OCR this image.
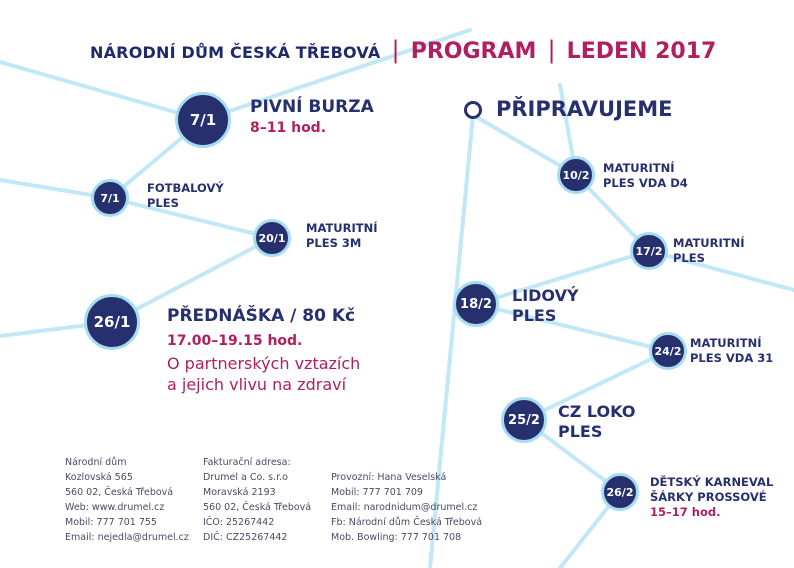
NÁRODNÍ DŮM ČESKÁ TŘEBOVÁ | PROGRAM | LEDEN 2017
7/1
PIVNÍ BURZA
8–11 hod.
7/1
FOTBALOVÝ
PLES
20/1
MATURITNÍ
PLES 3M
26/1	PŘEDNÁŠKA / 80 Kč
17.00–19.15 hod.
O partnerských vztazích
a jejich vlivu na zdraví
PŘIPRAVUJEME
10/2	MATURITNÍ
PLES VDA D4
17/2
MATURITNÍ
PLES
18/2	LIDOVÝ
PLES
24/2
MATURITNÍ
PLES VDA 31
25/2	CZ LOKO
PLES
26/2
DĚTSKÝ KARNEVAL
ŠÁRKY PROSSOVÉ
15–17 hod.
Národní dům
Kozlovská 565
560 02, Česká Třebová
Web: www.drumel.cz
Mobil: 777 701 755
Email: nejedla@drumel.cz
Fakturační adresa:
Drumel a Co. s.r.o
Moravská 2193
560 02, Česká Třebová
IČO: 25267442
DIČ: CZ25267442
Provozní: Hana Veselská
Mobil: 777 701 709
Email: narodnidum@drumel.cz
Fb: Národní dům Česká Třebová
Mob. Bowling: 777 701 708
